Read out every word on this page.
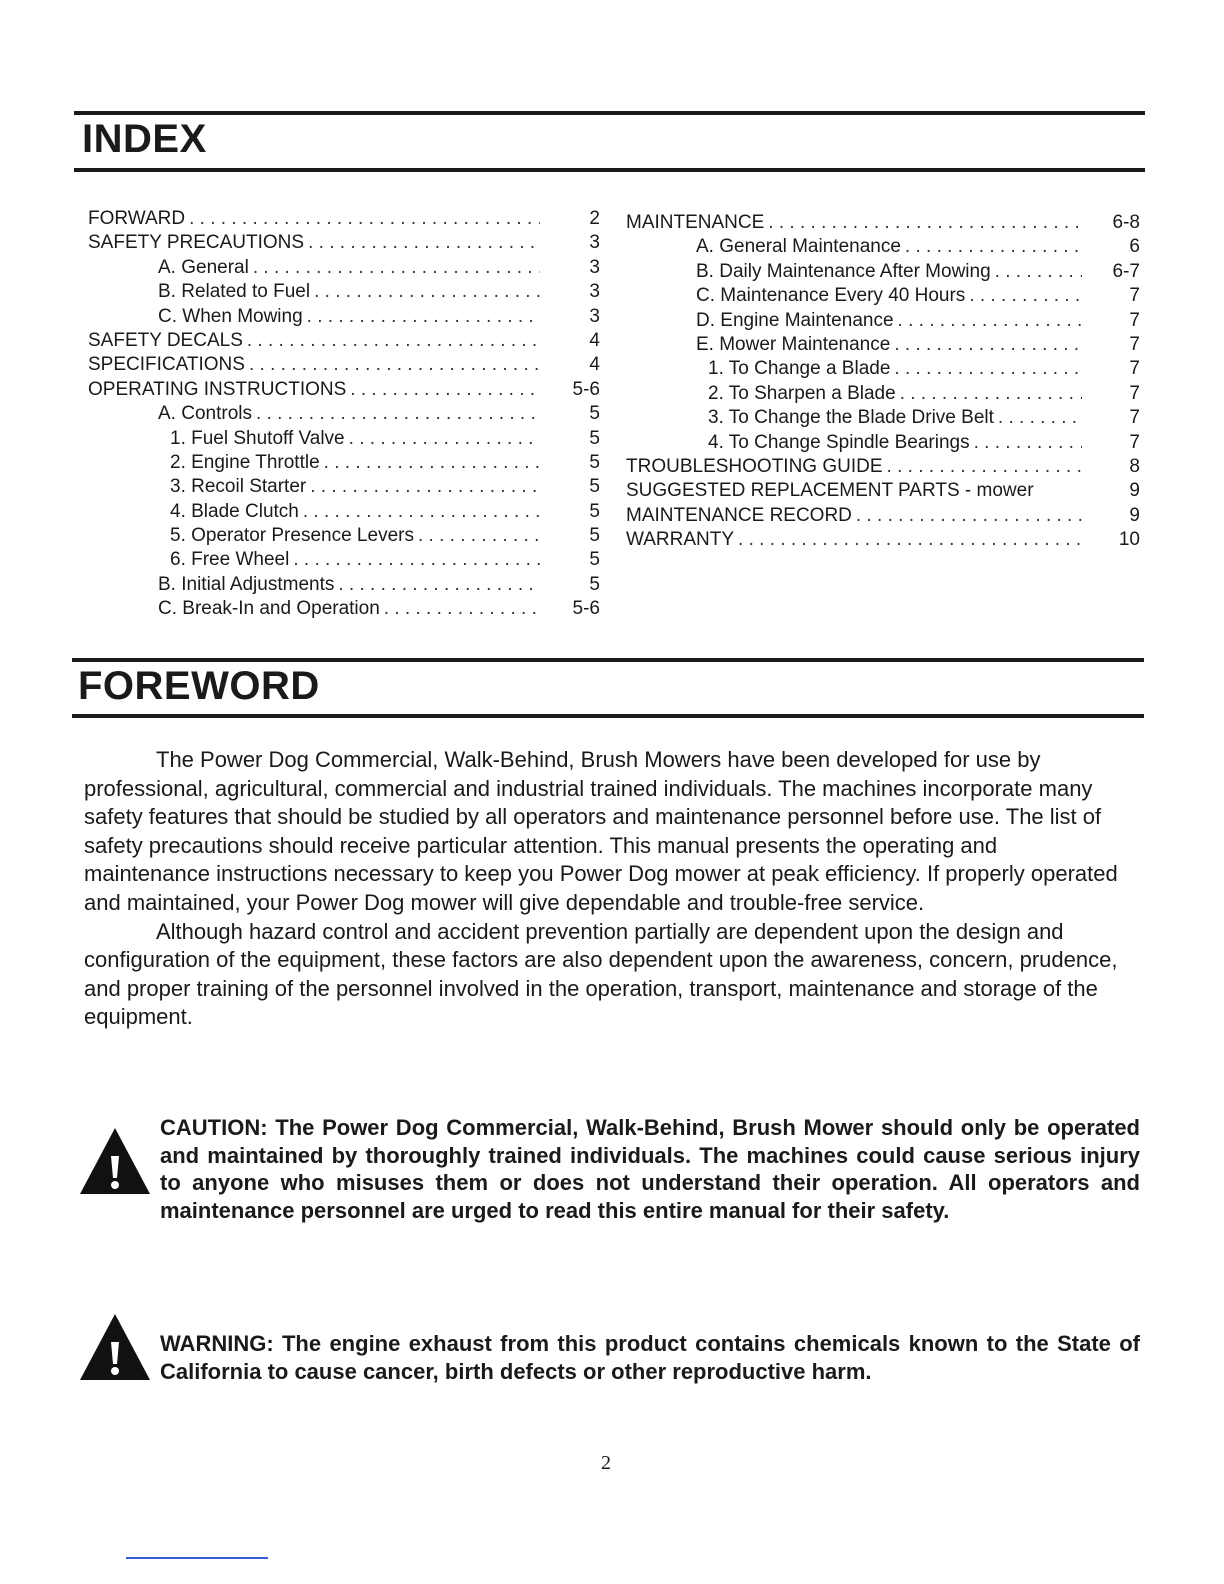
INDEX
FORWARD . . .	2
SAFETY PRECAUTIONS . . .	3
A. General . . .	3
B. Related to Fuel . . .	3
C. When Mowing . . .	3
SAFETY DECALS . . .	4
SPECIFICATIONS . . .	4
OPERATING INSTRUCTIONS . . .	5-6
A. Controls . . .	5
1. Fuel Shutoff Valve . . .	5
2. Engine Throttle . . .	5
3. Recoil Starter . . .	5
4. Blade Clutch . . .	5
5. Operator Presence Levers . . .	5
6. Free Wheel . . .	5
B. Initial Adjustments . . .	5
C. Break-In and Operation . . .	5-6
MAINTENANCE . . .	6-8
A. General Maintenance . . .	6
B. Daily Maintenance After Mowing . . .	6-7
C. Maintenance Every 40 Hours . . .	7
D. Engine Maintenance . . .	7
E. Mower Maintenance . . .	7
1. To Change a Blade . . .	7
2. To Sharpen a Blade . . .	7
3. To Change the Blade Drive Belt . . .	7
4. To Change Spindle Bearings . . .	7
TROUBLESHOOTING GUIDE . . .	8
SUGGESTED REPLACEMENT PARTS - mower	9
MAINTENANCE RECORD . . .	9
WARRANTY . . .	10
FOREWORD

The Power Dog Commercial, Walk-Behind, Brush Mowers have been developed for use by professional, agricultural, commercial and industrial trained individuals. The machines incorporate many safety features that should be studied by all operators and maintenance personnel before use. The list of safety precautions should receive particular attention. This manual presents the operating and maintenance instructions necessary to keep you Power Dog mower at peak efficiency. If properly operated and maintained, your Power Dog mower will give dependable and trouble-free service.

Although hazard control and accident prevention partially are dependent upon the design and configuration of the equipment, these factors are also dependent upon the awareness, concern, prudence, and proper training of the personnel involved in the operation, transport, maintenance and storage of the equipment.

CAUTION: The Power Dog Commercial, Walk-Behind, Brush Mower should only be operated and maintained by thoroughly trained individuals. The machines could cause serious injury to anyone who misuses them or does not understand their operation. All operators and maintenance personnel are urged to read this entire manual for their safety.

WARNING: The engine exhaust from this product contains chemicals known to the State of California to cause cancer, birth defects or other reproductive harm.

2
